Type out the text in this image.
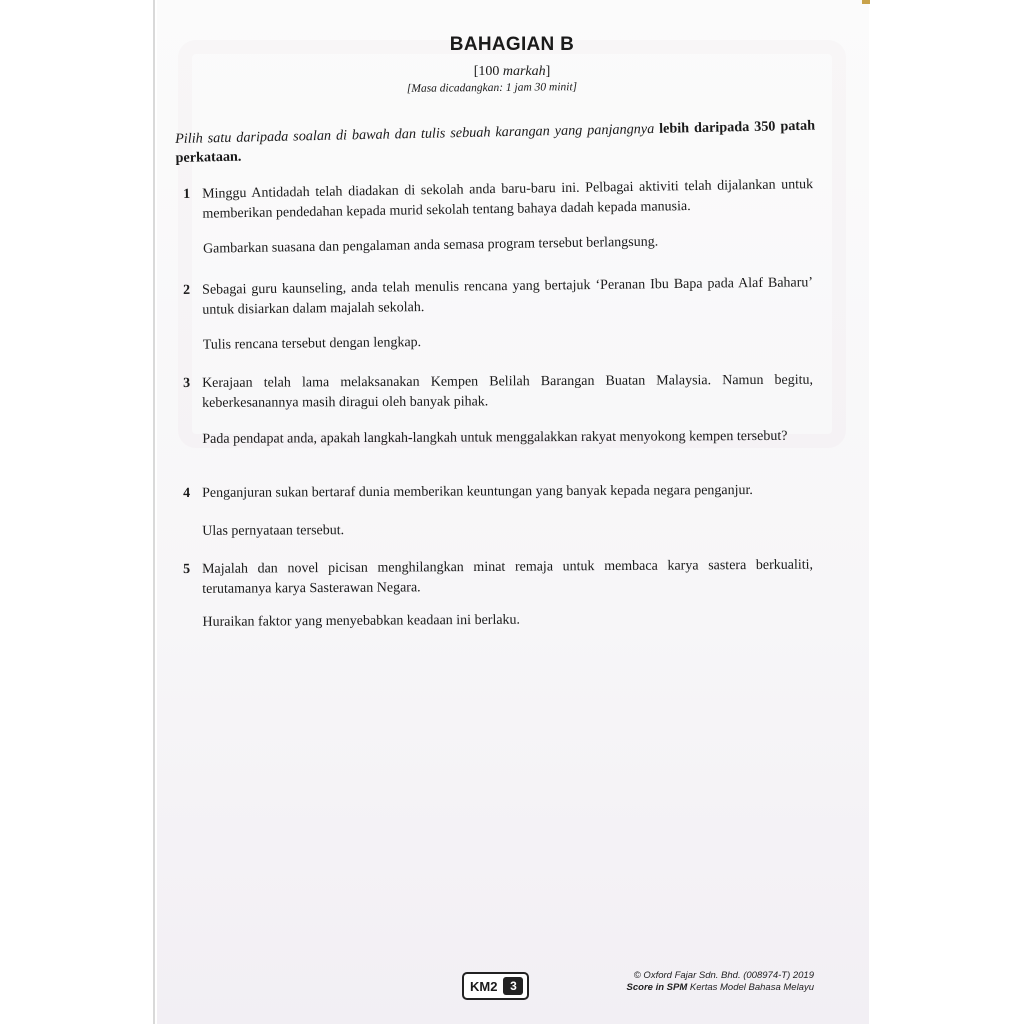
BAHAGIAN B
[100 markah]
[Masa dicadangkan: 1 jam 30 minit]
Pilih satu daripada soalan di bawah dan tulis sebuah karangan yang panjangnya lebih daripada 350 patah perkataan.
1 Minggu Antidadah telah diadakan di sekolah anda baru-baru ini. Pelbagai aktiviti telah dijalankan untuk memberikan pendedahan kepada murid sekolah tentang bahaya dadah kepada manusia.
Gambarkan suasana dan pengalaman anda semasa program tersebut berlangsung.
2 Sebagai guru kaunseling, anda telah menulis rencana yang bertajuk ‘Peranan Ibu Bapa pada Alaf Baharu’ untuk disiarkan dalam majalah sekolah.
Tulis rencana tersebut dengan lengkap.
3 Kerajaan telah lama melaksanakan Kempen Belilah Barangan Buatan Malaysia. Namun begitu, keberkesanannya masih diragui oleh banyak pihak.
Pada pendapat anda, apakah langkah-langkah untuk menggalakkan rakyat menyokong kempen tersebut?
4 Penganjuran sukan bertaraf dunia memberikan keuntungan yang banyak kepada negara penganjur.
Ulas pernyataan tersebut.
5 Majalah dan novel picisan menghilangkan minat remaja untuk membaca karya sastera berkualiti, terutamanya karya Sasterawan Negara.
Huraikan faktor yang menyebabkan keadaan ini berlaku.
KM2	3
© Oxford Fajar Sdn. Bhd. (008974-T) 2019
Score in SPM Kertas Model Bahasa Melayu
